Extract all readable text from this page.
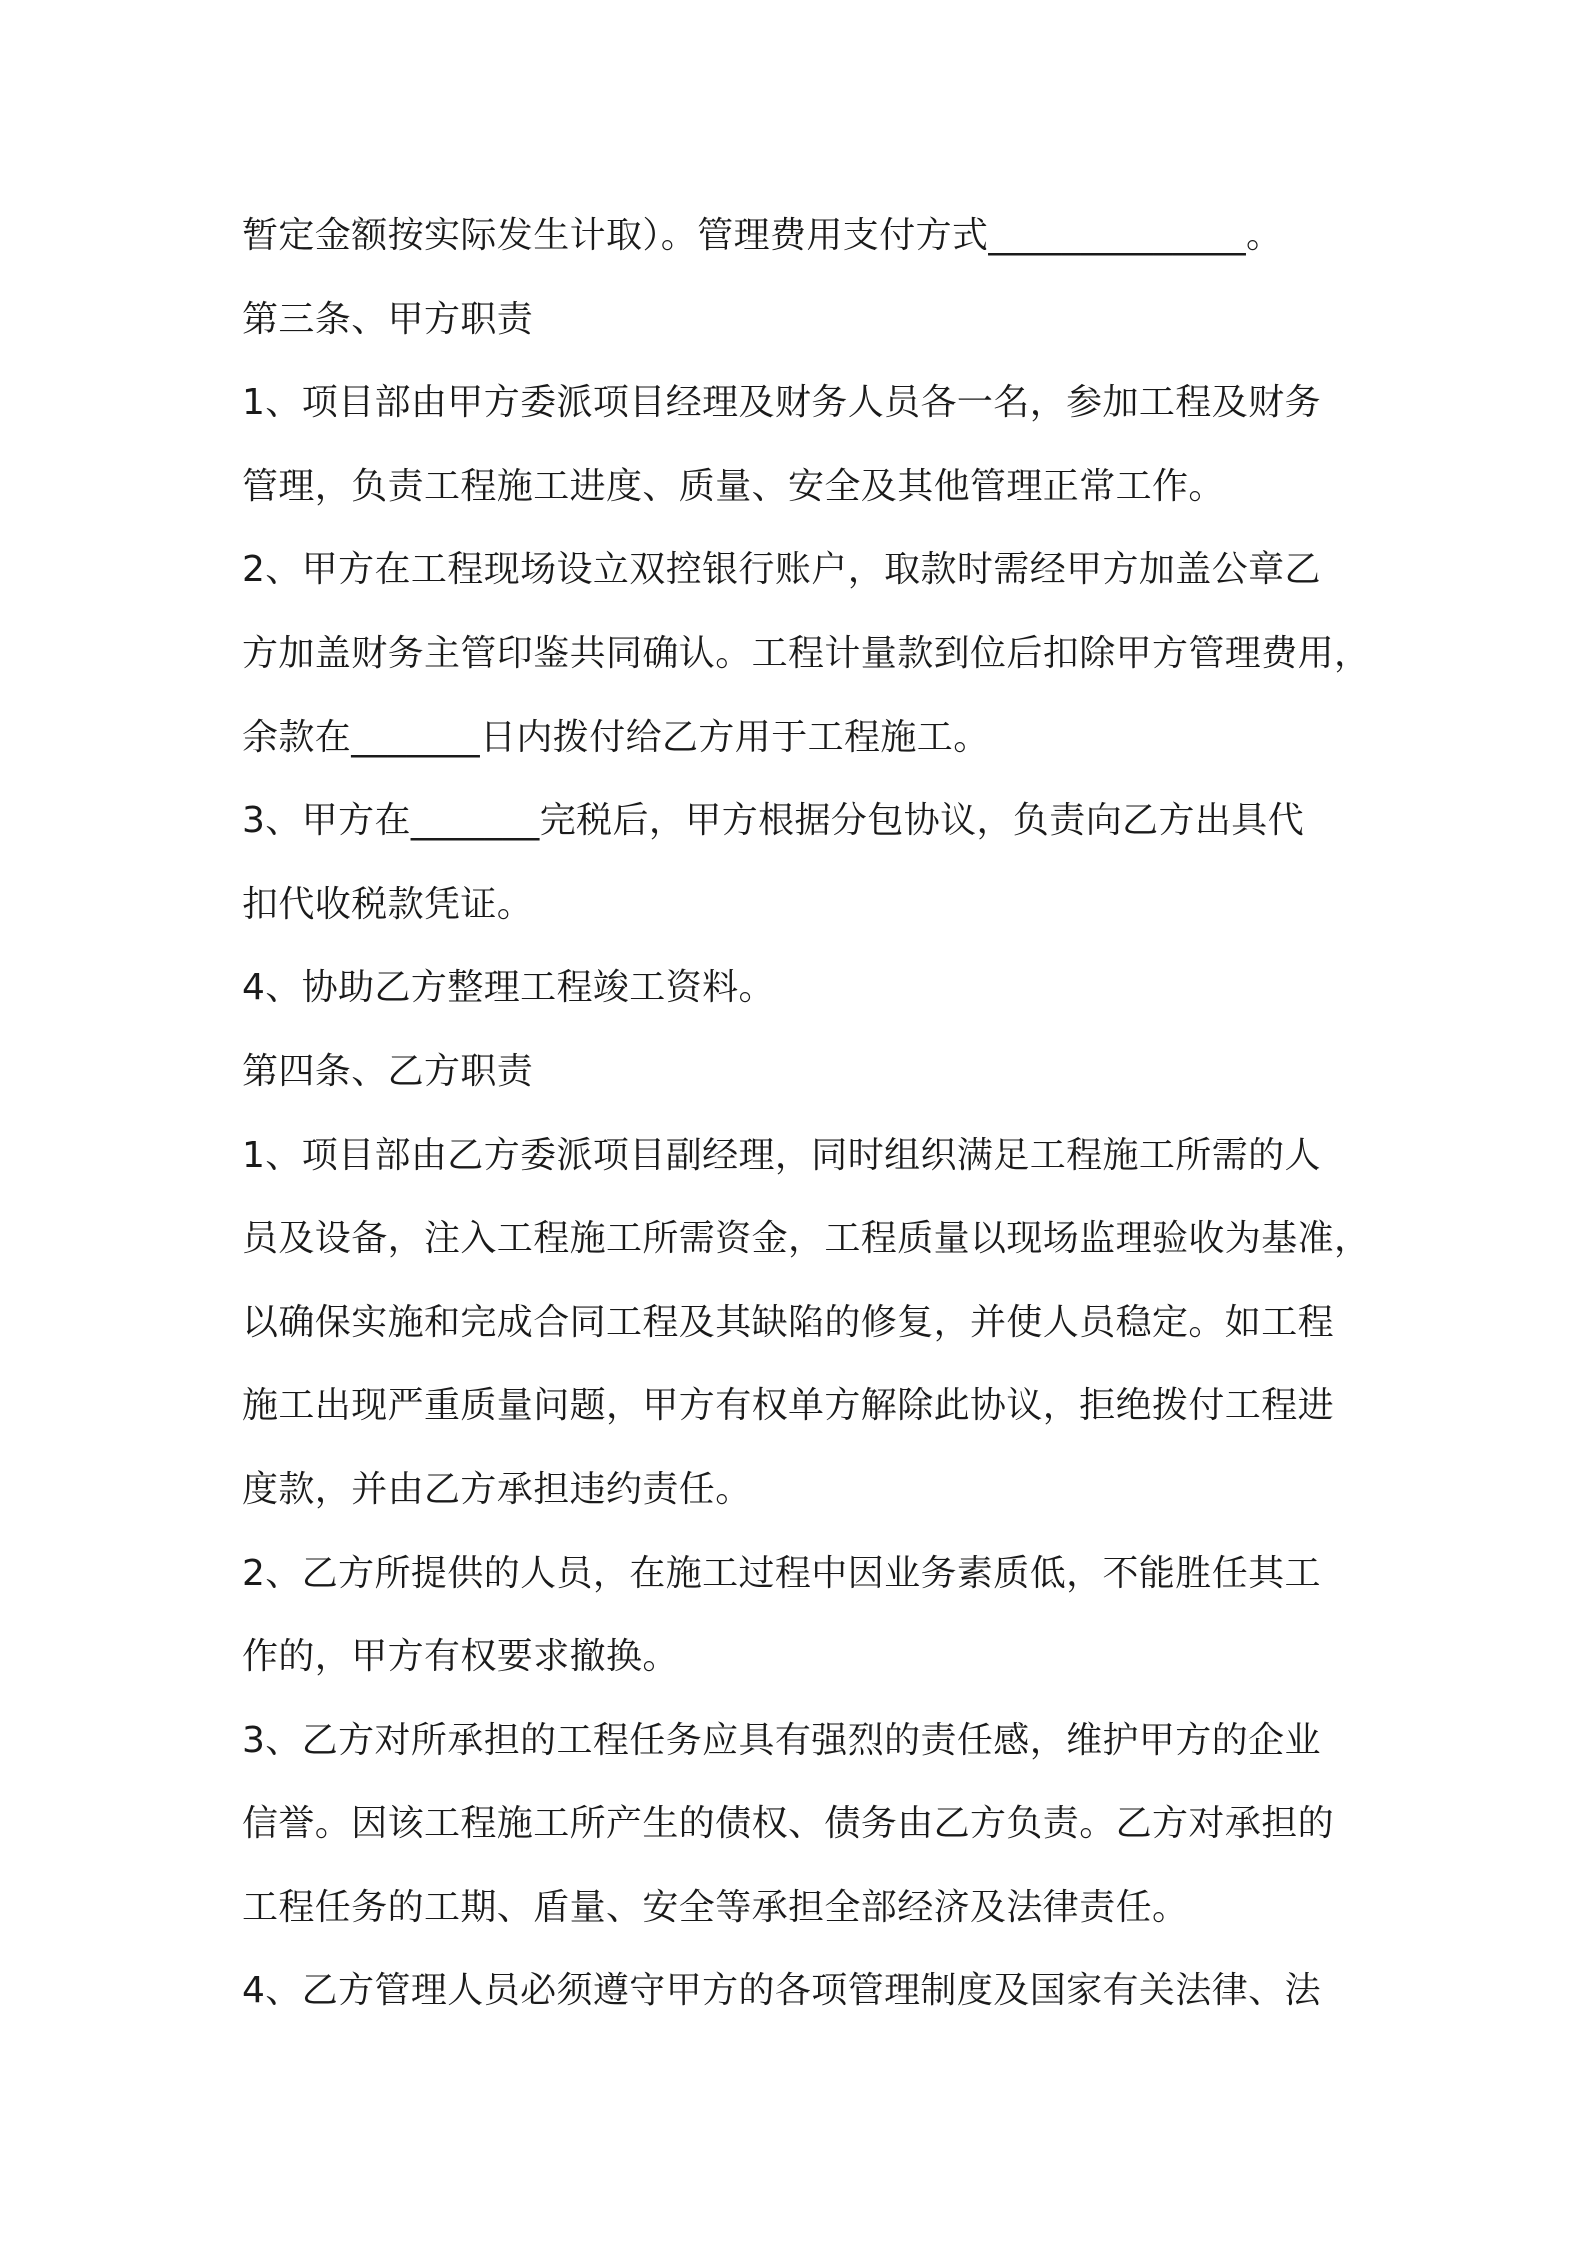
暂定金额按实际发生计取）。管理费用支付方式______________。
第三条、甲方职责
1、项目部由甲方委派项目经理及财务人员各一名，参加工程及财务
管理，负责工程施工进度、质量、安全及其他管理正常工作。
2、甲方在工程现场设立双控银行账户，取款时需经甲方加盖公章乙
方加盖财务主管印鉴共同确认。工程计量款到位后扣除甲方管理费用，
余款在_______日内拨付给乙方用于工程施工。
3、甲方在_______完税后，甲方根据分包协议，负责向乙方出具代
扣代收税款凭证。
4、协助乙方整理工程竣工资料。
第四条、乙方职责
1、项目部由乙方委派项目副经理，同时组织满足工程施工所需的人
员及设备，注入工程施工所需资金，工程质量以现场监理验收为基准，
以确保实施和完成合同工程及其缺陷的修复，并使人员稳定。如工程
施工出现严重质量问题，甲方有权单方解除此协议，拒绝拨付工程进
度款，并由乙方承担违约责任。
2、乙方所提供的人员，在施工过程中因业务素质低，不能胜任其工
作的，甲方有权要求撤换。
3、乙方对所承担的工程任务应具有强烈的责任感，维护甲方的企业
信誉。因该工程施工所产生的债权、债务由乙方负责。乙方对承担的
工程任务的工期、盾量、安全等承担全部经济及法律责任。
4、乙方管理人员必须遵守甲方的各项管理制度及国家有关法律、法
